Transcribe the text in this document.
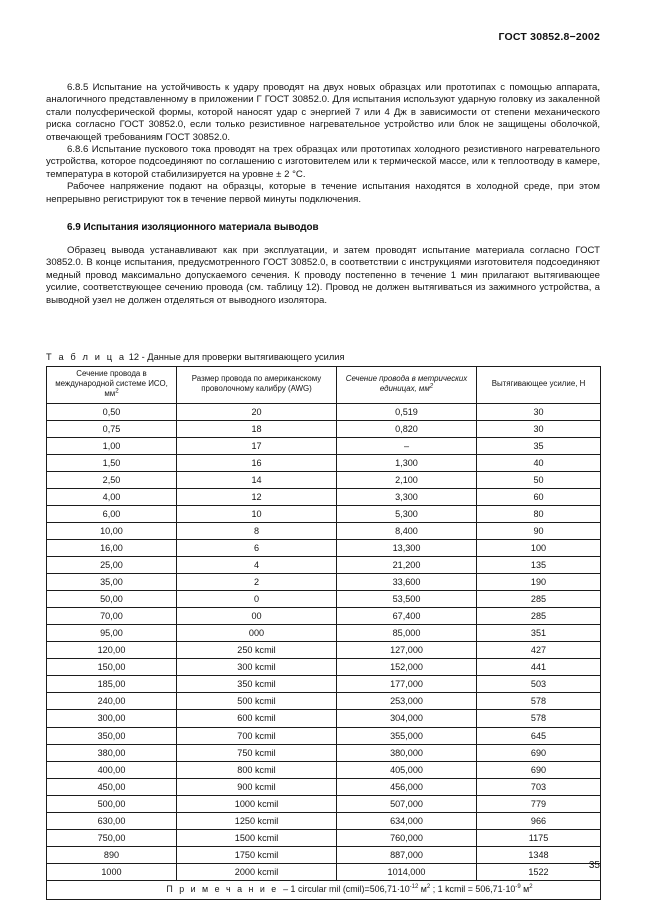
ГОСТ 30852.8−2002

6.8.5 Испытание на устойчивость к удару проводят на двух новых образцах или прототипах с помощью аппарата, аналогичного представленному в приложении Г ГОСТ 30852.0. Для испытания используют ударную головку из закаленной стали полусферической формы, которой наносят удар с энергией 7 или 4 Дж в зависимости от степени механического риска согласно ГОСТ 30852.0, если только резистивное нагревательное устройство или блок не защищены оболочкой, отвечающей требованиям ГОСТ 30852.0.

6.8.6 Испытание пускового тока проводят на трех образцах или прототипах холодного резистивного нагревательного устройства, которое подсоединяют по соглашению с изготовителем или к термической массе, или к теплоотводу в камере, температура в которой стабилизируется на уровне ± 2 °С.

Рабочее напряжение подают на образцы, которые в течение испытания находятся в холодной среде, при этом непрерывно регистрируют ток в течение первой минуты подключения.

6.9 Испытания изоляционного материала выводов

Образец вывода устанавливают как при эксплуатации, и затем проводят испытание материала согласно ГОСТ 30852.0. В конце испытания, предусмотренного ГОСТ 30852.0, в соответствии с инструкциями изготовителя подсоединяют медный провод максимально допускаемого сечения. К проводу постепенно в течение 1 мин прилагают вытягивающее усилие, соответствующее сечению провода (см. таблицу 12). Провод не должен вытягиваться из зажимного устройства, а выводной узел не должен отделяться от выводного изолятора.

Т а б л и ц а 12 - Данные для проверки вытягивающего усилия
Сечение провода в международной системе ИСО, $мм^2$	Размер провода по американскому проволочному калибру (AWG)	Сечение провода в метрических единицах, $мм^2$	Вытягивающее усилие, Н
0,50	20	0,519	30
0,75	18	0,820	30
1,00	17	–	35
1,50	16	1,300	40
2,50	14	2,100	50
4,00	12	3,300	60
6,00	10	5,300	80
10,00	8	8,400	90
16,00	6	13,300	100
25,00	4	21,200	135
35,00	2	33,600	190
50,00	0	53,500	285
70,00	00	67,400	285
95,00	000	85,000	351
120,00	250 kcmil	127,000	427
150,00	300 kcmil	152,000	441
185,00	350 kcmil	177,000	503
240,00	500 kcmil	253,000	578
300,00	600 kcmil	304,000	578
350,00	700 kcmil	355,000	645
380,00	750 kcmil	380,000	690
400,00	800 kcmil	405,000	690
450,00	900 kcmil	456,000	703
500,00	1000 kcmil	507,000	779
630,00	1250 kcmil	634,000	966
750,00	1500 kcmil	760,000	1175
890	1750 kcmil	887,000	1348
1000	2000 kcmil	1014,000	1522
П р и м е ч а н и е – 1 circular mil $(cmil)=506,71\cdot 10^{-12}$ $м^2$ ; 1 kcmil = $506,71\cdot 10^{-9}$ $м^2$
35
